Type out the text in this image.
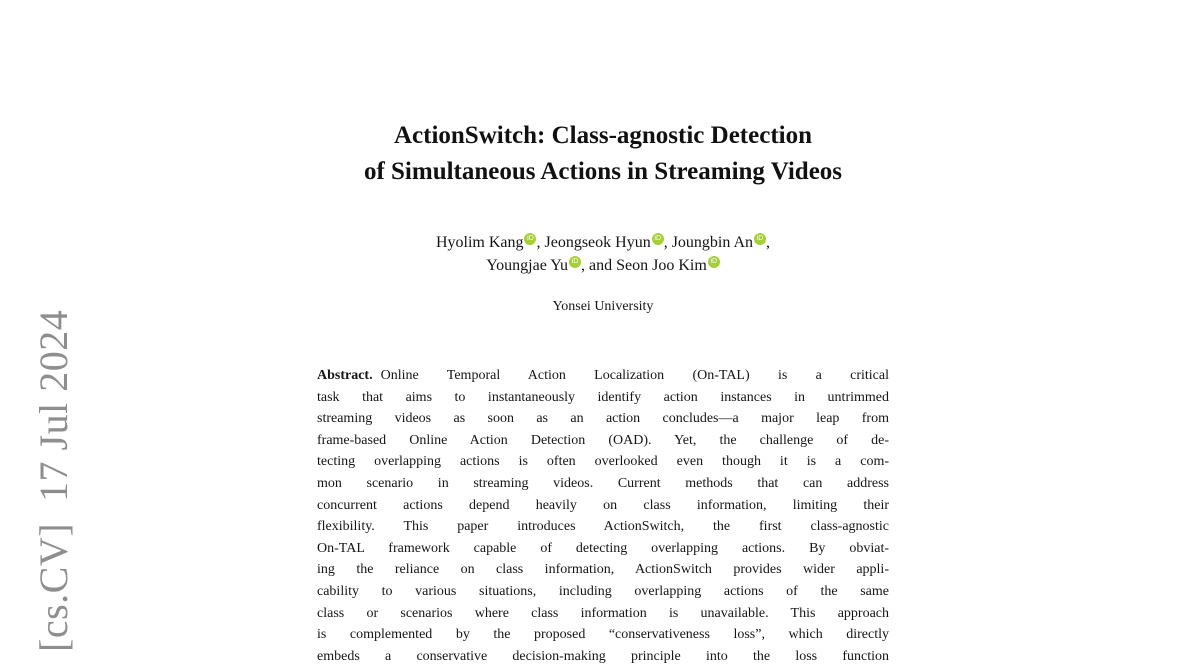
[cs.CV]  17 Jul 2024
ActionSwitch: Class-agnostic Detection
of Simultaneous Actions in Streaming Videos
Hyolim Kang iD , Jeongseok Hyun iD , Joungbin An iD ,
Youngjae Yu iD , and Seon Joo Kim iD
Yonsei University
Abstract. Online Temporal Action Localization (On-TAL) is a critical
task that aims to instantaneously identify action instances in untrimmed
streaming videos as soon as an action concludes—a major leap from
frame-based Online Action Detection (OAD). Yet, the challenge of de-
tecting overlapping actions is often overlooked even though it is a com-
mon scenario in streaming videos. Current methods that can address
concurrent actions depend heavily on class information, limiting their
flexibility. This paper introduces ActionSwitch, the first class-agnostic
On-TAL framework capable of detecting overlapping actions. By obviat-
ing the reliance on class information, ActionSwitch provides wider appli-
cability to various situations, including overlapping actions of the same
class or scenarios where class information is unavailable. This approach
is complemented by the proposed “conservativeness loss”, which directly
embeds a conservative decision-making principle into the loss function
